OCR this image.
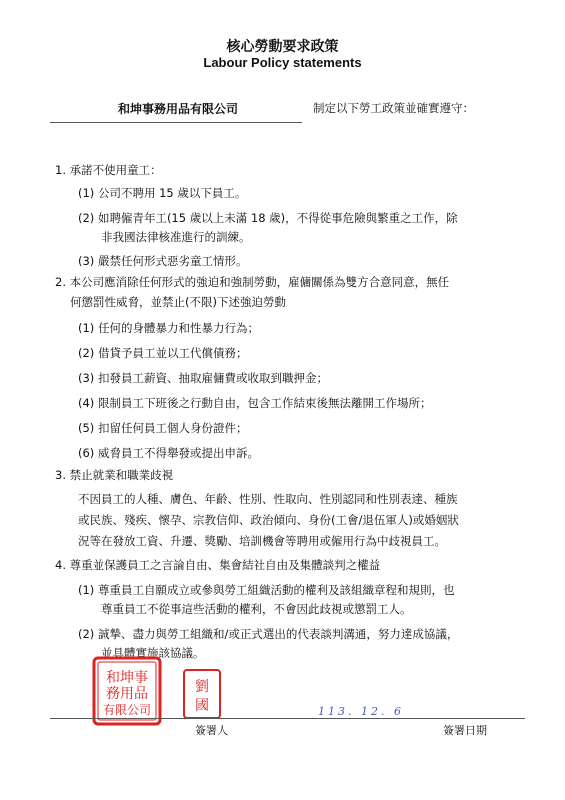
核心勞動要求政策
Labour Policy statements
和坤事務用品有限公司	制定以下勞工政策並確實遵守：
1. 承諾不使用童工：
(1) 公司不聘用 15 歲以下員工。
(2) 如聘僱青年工(15 歲以上未滿 18 歲)，不得從事危險與繁重之工作，除
非我國法律核准進行的訓練。
(3) 嚴禁任何形式惡劣童工情形。
2. 本公司應消除任何形式的強迫和強制勞動，雇傭關係為雙方合意同意，無任
何懲罰性威脅，並禁止(不限)下述強迫勞動
(1) 任何的身體暴力和性暴力行為；
(2) 借貸予員工並以工代償債務；
(3) 扣發員工薪資、抽取雇傭費或收取到職押金；
(4) 限制員工下班後之行動自由，包含工作結束後無法離開工作場所；
(5) 扣留任何員工個人身份證件；
(6) 威脅員工不得舉發或提出申訴。
3. 禁止就業和職業歧視
不因員工的人種、膚色、年齡、性別、性取向、性別認同和性別表達、種族
或民族、殘疾、懷孕、宗教信仰、政治傾向、身份(工會/退伍軍人)或婚姻狀
況等在發放工資、升遷、獎勵、培訓機會等聘用或僱用行為中歧視員工。
4. 尊重並保護員工之言論自由、集會結社自由及集體談判之權益
(1) 尊重員工自願成立或參與勞工組織活動的權利及該組織章程和規則，也
尊重員工不從事這些活動的權利，不會因此歧視或懲罰工人。
(2) 誠摯、盡力與勞工組織和/或正式選出的代表談判溝通，努力達成協議，
並具體實施該協議。
和坤事
務用品
有限公司
劉
國	113. 12. 6
簽署人	簽署日期
